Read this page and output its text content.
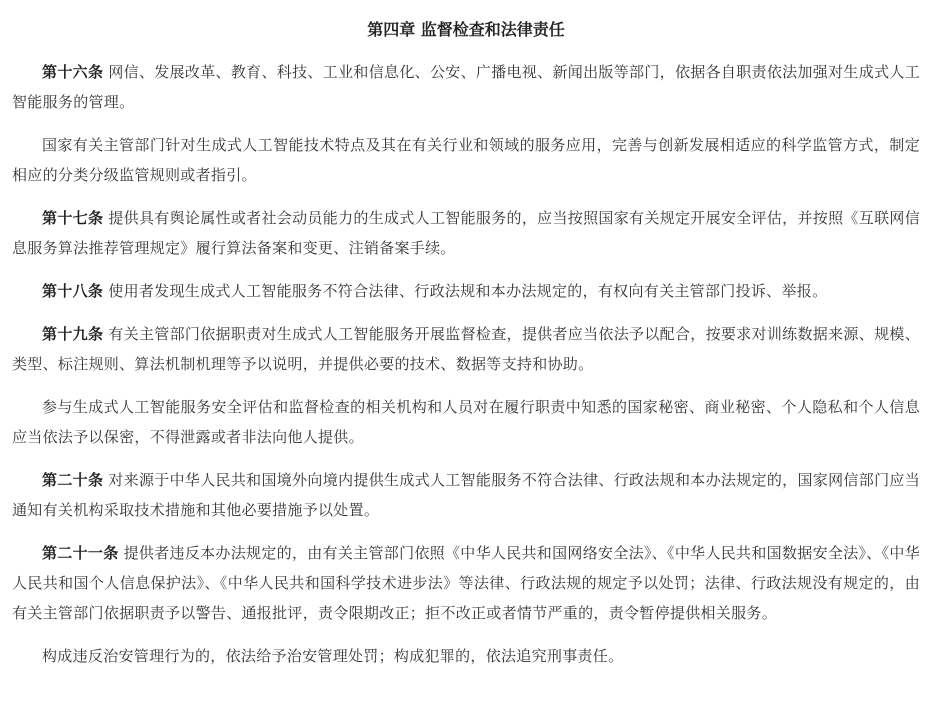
第四章 监督检查和法律责任

第十六条 网信、发展改革、教育、科技、工业和信息化、公安、广播电视、新闻出版等部门，依据各自职责依法加强对生成式人工智能服务的管理。

国家有关主管部门针对生成式人工智能技术特点及其在有关行业和领域的服务应用，完善与创新发展相适应的科学监管方式，制定相应的分类分级监管规则或者指引。

第十七条 提供具有舆论属性或者社会动员能力的生成式人工智能服务的，应当按照国家有关规定开展安全评估，并按照《互联网信息服务算法推荐管理规定》履行算法备案和变更、注销备案手续。

第十八条 使用者发现生成式人工智能服务不符合法律、行政法规和本办法规定的，有权向有关主管部门投诉、举报。

第十九条 有关主管部门依据职责对生成式人工智能服务开展监督检查，提供者应当依法予以配合，按要求对训练数据来源、规模、类型、标注规则、算法机制机理等予以说明，并提供必要的技术、数据等支持和协助。

参与生成式人工智能服务安全评估和监督检查的相关机构和人员对在履行职责中知悉的国家秘密、商业秘密、个人隐私和个人信息应当依法予以保密，不得泄露或者非法向他人提供。

第二十条 对来源于中华人民共和国境外向境内提供生成式人工智能服务不符合法律、行政法规和本办法规定的，国家网信部门应当通知有关机构采取技术措施和其他必要措施予以处置。

第二十一条 提供者违反本办法规定的，由有关主管部门依照《中华人民共和国网络安全法》、《中华人民共和国数据安全法》、《中华人民共和国个人信息保护法》、《中华人民共和国科学技术进步法》等法律、行政法规的规定予以处罚；法律、行政法规没有规定的，由有关主管部门依据职责予以警告、通报批评，责令限期改正；拒不改正或者情节严重的，责令暂停提供相关服务。

构成违反治安管理行为的，依法给予治安管理处罚；构成犯罪的，依法追究刑事责任。
